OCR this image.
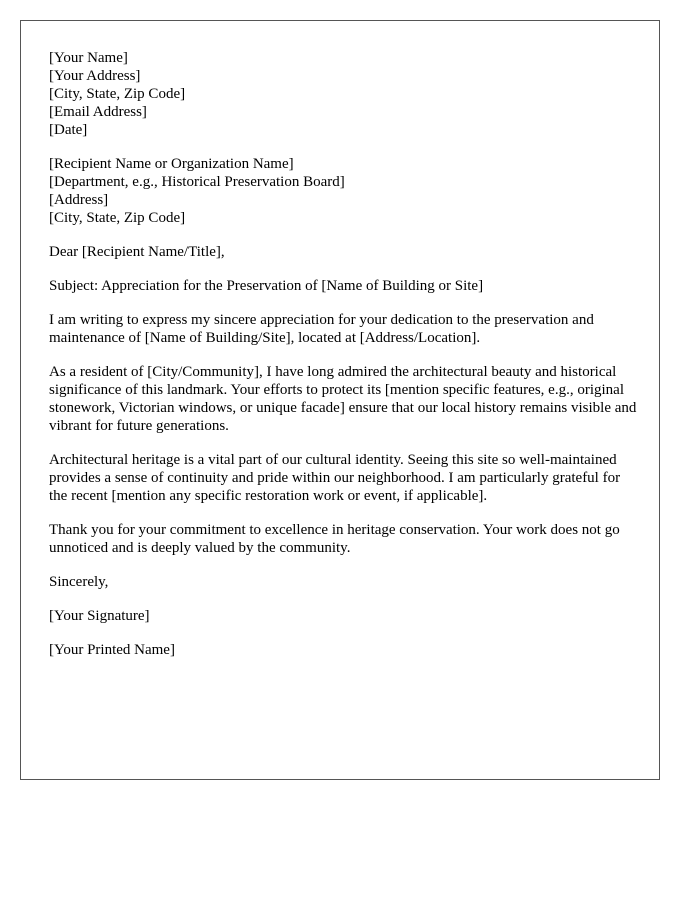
[Your Name]
[Your Address]
[City, State, Zip Code]
[Email Address]
[Date]
[Recipient Name or Organization Name]
[Department, e.g., Historical Preservation Board]
[Address]
[City, State, Zip Code]

Dear [Recipient Name/Title],

Subject: Appreciation for the Preservation of [Name of Building or Site]

I am writing to express my sincere appreciation for your dedication to the preservation and maintenance of [Name of Building/Site], located at [Address/Location].

As a resident of [City/Community], I have long admired the architectural beauty and historical significance of this landmark. Your efforts to protect its [mention specific features, e.g., original stonework, Victorian windows, or unique facade] ensure that our local history remains visible and vibrant for future generations.

Architectural heritage is a vital part of our cultural identity. Seeing this site so well-maintained provides a sense of continuity and pride within our neighborhood. I am particularly grateful for the recent [mention any specific restoration work or event, if applicable].

Thank you for your commitment to excellence in heritage conservation. Your work does not go unnoticed and is deeply valued by the community.

Sincerely,

[Your Signature]

[Your Printed Name]
